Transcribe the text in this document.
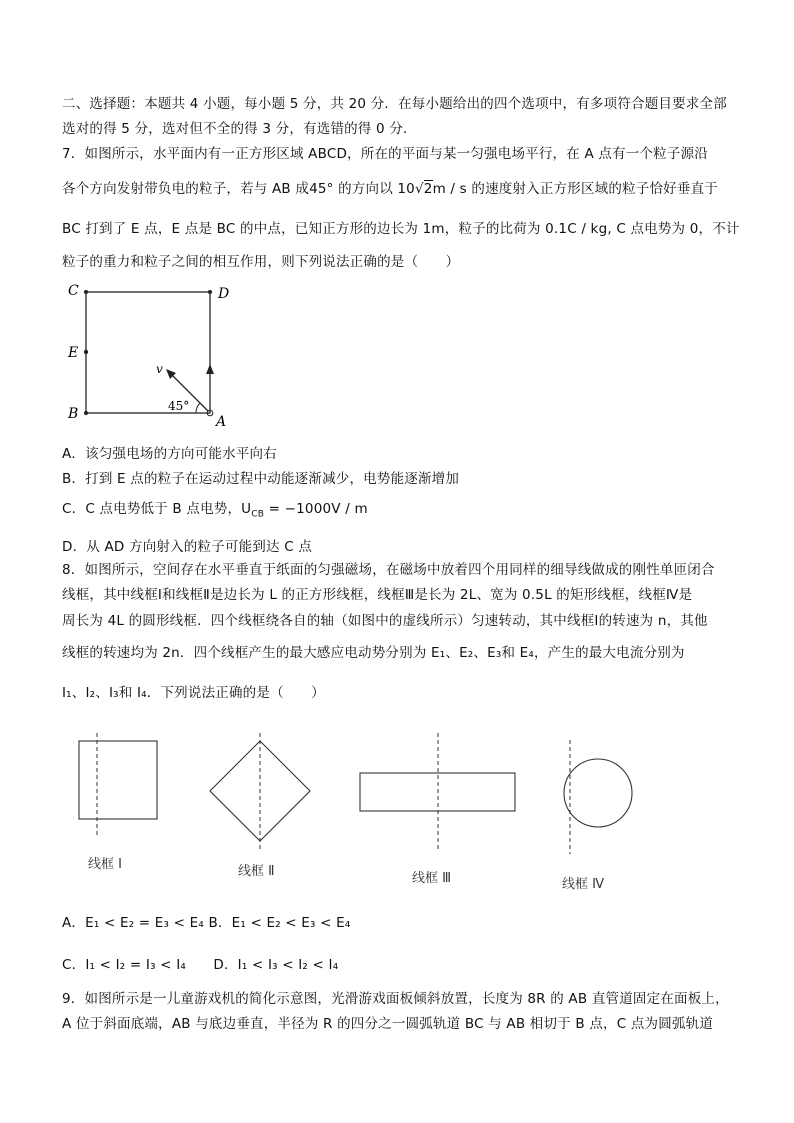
二、选择题：本题共 4 小题，每小题 5 分，共 20 分．在每小题给出的四个选项中，有多项符合题目要求全部
选对的得 5 分，选对但不全的得 3 分，有选错的得 0 分．
7．如图所示，水平面内有一正方形区域 ABCD，所在的平面与某一匀强电场平行，在 A 点有一个粒子源沿
各个方向发射带负电的粒子，若与 AB 成45° 的方向以 10√2m / s 的速度射入正方形区域的粒子恰好垂直于
BC 打到了 E 点，E 点是 BC 的中点，已知正方形的边长为 1m，粒子的比荷为 0.1C / kg, C 点电势为 0，不计
粒子的重力和粒子之间的相互作用，则下列说法正确的是（　　）
C	D
E
B	A
v
45°
A．该匀强电场的方向可能水平向右
B．打到 E 点的粒子在运动过程中动能逐渐减少，电势能逐渐增加
C．C 点电势低于 B 点电势，$U_{CB} = -1000V / m$
D．从 AD 方向射入的粒子可能到达 C 点
8．如图所示，空间存在水平垂直于纸面的匀强磁场，在磁场中放着四个用同样的细导线做成的刚性单匝闭合
线框，其中线框Ⅰ和线框Ⅱ是边长为 L 的正方形线框，线框Ⅲ是长为 2L、宽为 0.5L 的矩形线框，线框Ⅳ是
周长为 4L 的圆形线框．四个线框绕各自的轴（如图中的虚线所示）匀速转动，其中线框Ⅰ的转速为 n，其他
线框的转速均为 2n．四个线框产生的最大感应电动势分别为 E₁、E₂、E₃和 E₄，产生的最大电流分别为
I₁、I₂、I₃和 I₄．下列说法正确的是（　　）
线框 Ⅰ	线框 Ⅱ	线框 Ⅲ	线框 Ⅳ
A．E₁ < E₂ = E₃ < E₄ B．E₁ < E₂ < E₃ < E₄
C．I₁ < I₂ = I₃ < I₄　　D．I₁ < I₃ < I₂ < I₄
9．如图所示是一儿童游戏机的简化示意图，光滑游戏面板倾斜放置，长度为 8R 的 AB 直管道固定在面板上，
A 位于斜面底端，AB 与底边垂直，半径为 R 的四分之一圆弧轨道 BC 与 AB 相切于 B 点，C 点为圆弧轨道
